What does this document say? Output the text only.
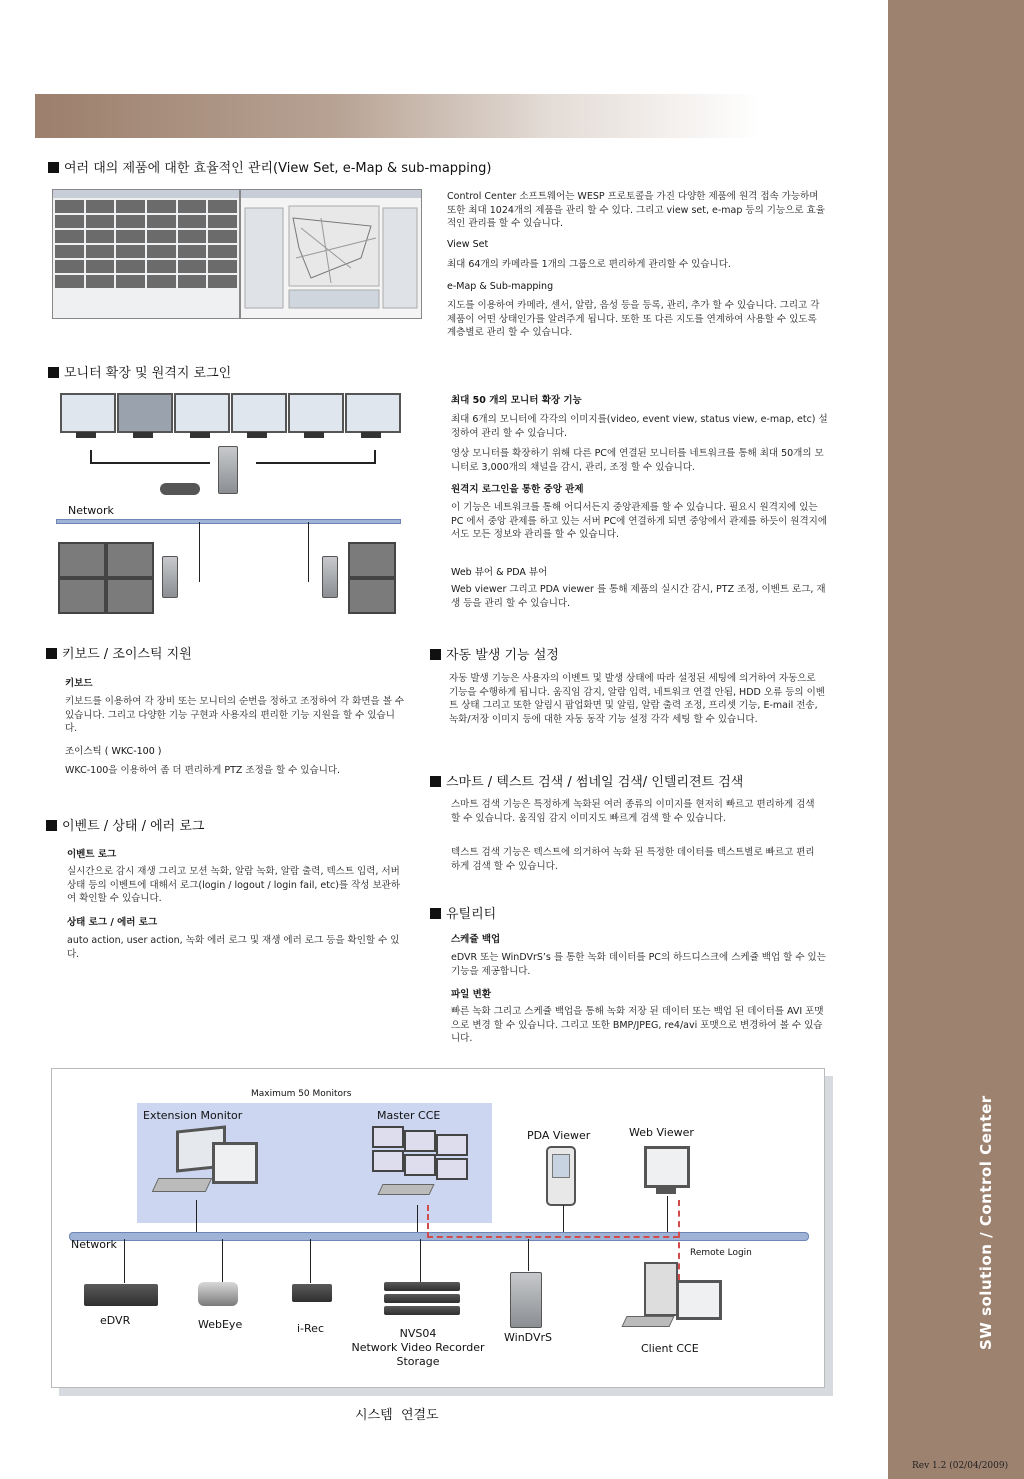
SW solution / Control Center
Rev 1.2 (02/04/2009)
여러 대의 제품에 대한 효율적인 관리(View Set, e-Map & sub-mapping)
Control Center 소프트웨어는 WESP 프로토콜을 가진 다양한 제품에 원격 접속 가능하며 또한 최대 1024개의 제품을 관리 할 수 있다. 그리고 view set, e-map 등의 기능으로 효율적인 관리를 할 수 있습니다.
View Set
최대 64개의 카메라를 1개의 그룹으로 편리하게 관리할 수 있습니다.
e-Map & Sub-mapping
지도를 이용하여 카메라, 센서, 알람, 음성 등을 등록, 관리, 추가 할 수 있습니다. 그리고 각 제품이 어떤 상태인가를 알려주게 됩니다. 또한 또 다른 지도를 연계하여 사용할 수 있도록 계층별로 관리 할 수 있습니다.
모니터 확장 및 원격지 로그인
Network
최대 50 개의 모니터 확장 기능
최대 6개의 모니터에 각각의 이미지를(video, event view, status view, e-map, etc) 설정하여 관리 할 수 있습니다.
영상 모니터를 확장하기 위해 다른 PC에 연결된 모니터를 네트워크를 통해 최대 50개의 모니터로 3,000개의 채널을 감시, 관리, 조정 할 수 있습니다.
원격지 로그인을 통한 중앙 관제
이 기능은 네트워크를 통해 어디서든지 중앙관제를 할 수 있습니다. 필요시 원격지에 있는 PC 에서 중앙 관제를 하고 있는 서버 PC에 연결하게 되면 중앙에서 관제를 하듯이 원격지에서도 모든 정보와 관리를 할 수 있습니다.
Web 뷰어 & PDA 뷰어
Web viewer 그리고 PDA viewer 를 통해 제품의 실시간 감시, PTZ 조정, 이벤트 로그, 재생 등을 관리 할 수 있습니다.
키보드 / 조이스틱 지원
키보드
키보드를 이용하여 각 장비 또는 모니터의 순번을 정하고 조정하여 각 화면을 볼 수 있습니다. 그리고 다양한 기능 구현과 사용자의 편리한 기능 지원을 할 수 있습니다.
조이스틱 ( WKC-100 )
WKC-100을 이용하여 좀 더 편리하게 PTZ 조정을 할 수 있습니다.
이벤트 / 상태 / 에러 로그
이벤트 로그
실시간으로 감시 재생 그리고 모션 녹화, 알람 녹화, 알람 출력, 텍스트 입력, 서버 상태 등의 이벤트에 대해서 로그(login / logout / login fail, etc)를 작성 보관하여 확인할 수 있습니다.
상태 로그 / 에러 로그
auto action, user action, 녹화 에러 로그 및 재생 에러 로그 등을 확인할 수 있다.
자동 발생 기능 설정
자동 발생 기능은 사용자의 이벤트 및 발생 상태에 따라 설정된 세팅에 의거하여 자동으로 기능을 수행하게 됩니다. 움직임 감지, 알람 입력, 네트워크 연결 안됨, HDD 오류 등의 이벤트 상태 그리고 또한 알림시 팝업화면 및 알림, 알람 출력 조정, 프리셋 기능, E-mail 전송, 녹화/저장 이미지 등에 대한 자동 동작 기능 설정 각각 세팅 할 수 있습니다.
스마트 / 텍스트 검색 / 썸네일 검색/ 인텔리젼트 검색
스마트 검색 기능은 특정하게 녹화된 여러 종류의 이미지를 현저히 빠르고 편리하게 검색 할 수 있습니다. 움직임 감지 이미지도 빠르게 검색 할 수 있습니다.
텍스트 검색 기능은 텍스트에 의거하여 녹화 된 특정한 데이터를 텍스트별로 빠르고 편리하게 검색 할 수 있습니다.
유틸리티
스케쥴 백업
eDVR 또는 WinDVrS’s 를 통한 녹화 데이터를 PC의 하드디스크에 스케쥴 백업 할 수 있는 기능을 제공합니다.
파일 변환
빠른 녹화 그리고 스케쥴 백업을 통해 녹화 저장 된 데이터 또는 백업 된 데이터를 AVI 포맷으로 변경 할 수 있습니다. 그리고 또한 BMP/JPEG, re4/avi 포맷으로 변경하여 볼 수 있습니다.
Maximum 50 Monitors
Extension Monitor	Master CCE
PDA Viewer	Web Viewer
Network
Remote Login
eDVR	WebEye	i-Rec	NVS04
Network Video Recorder
Storage
WinDVrS
Client CCE
시스템  연결도
